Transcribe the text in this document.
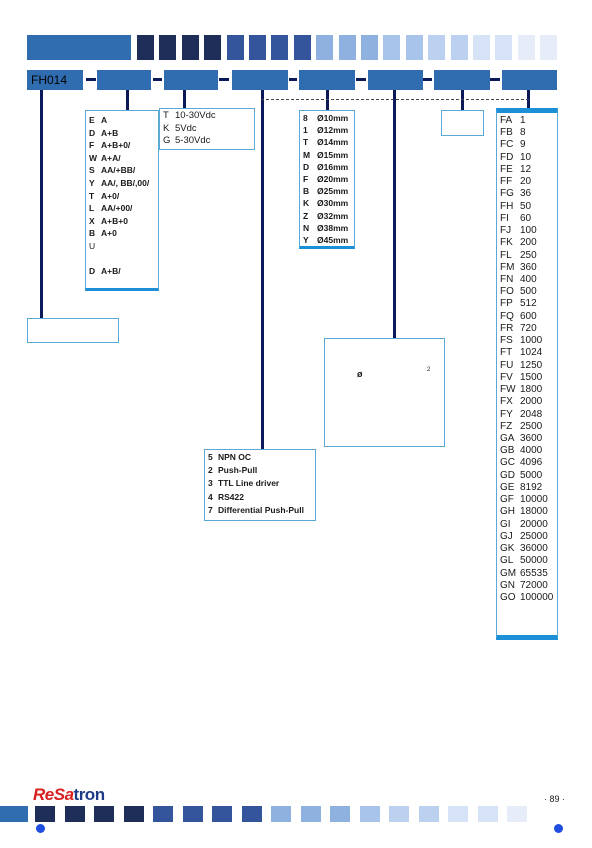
FH014
E A
D A+B
F A+B+0/
W A+A/
S AA/+BB/
Y AA/, BB/,00/
T A+0/
L AA/+00/
X A+B+0
B A+0
U
D A+B/
T 10-30Vdc
K 5Vdc
G 5-30Vdc
8 Ø10mm
1 Ø12mm
T Ø14mm
M Ø15mm
D Ø16mm
F Ø20mm
B Ø25mm
K Ø30mm
Z Ø32mm
N Ø38mm
Y Ø45mm
5 NPN OC
2 Push-Pull
3 TTL Line driver
4 RS422
7 Differential Push-Pull
ø	2
FA 1
FB 8
FC 9
FD 10
FE 12
FF 20
FG 36
FH 50
FI 60
FJ 100
FK 200
FL 250
FM 360
FN 400
FO 500
FP 512
FQ 600
FR 720
FS 1000
FT 1024
FU 1250
FV 1500
FW 1800
FX 2000
FY 2048
FZ 2500
GA 3600
GB 4000
GC 4096
GD 5000
GE 8192
GF 10000
GH 18000
GI 20000
GJ 25000
GK 36000
GL 50000
GM 65535
GN 72000
GO 100000
ReSatron	· 89 ·
